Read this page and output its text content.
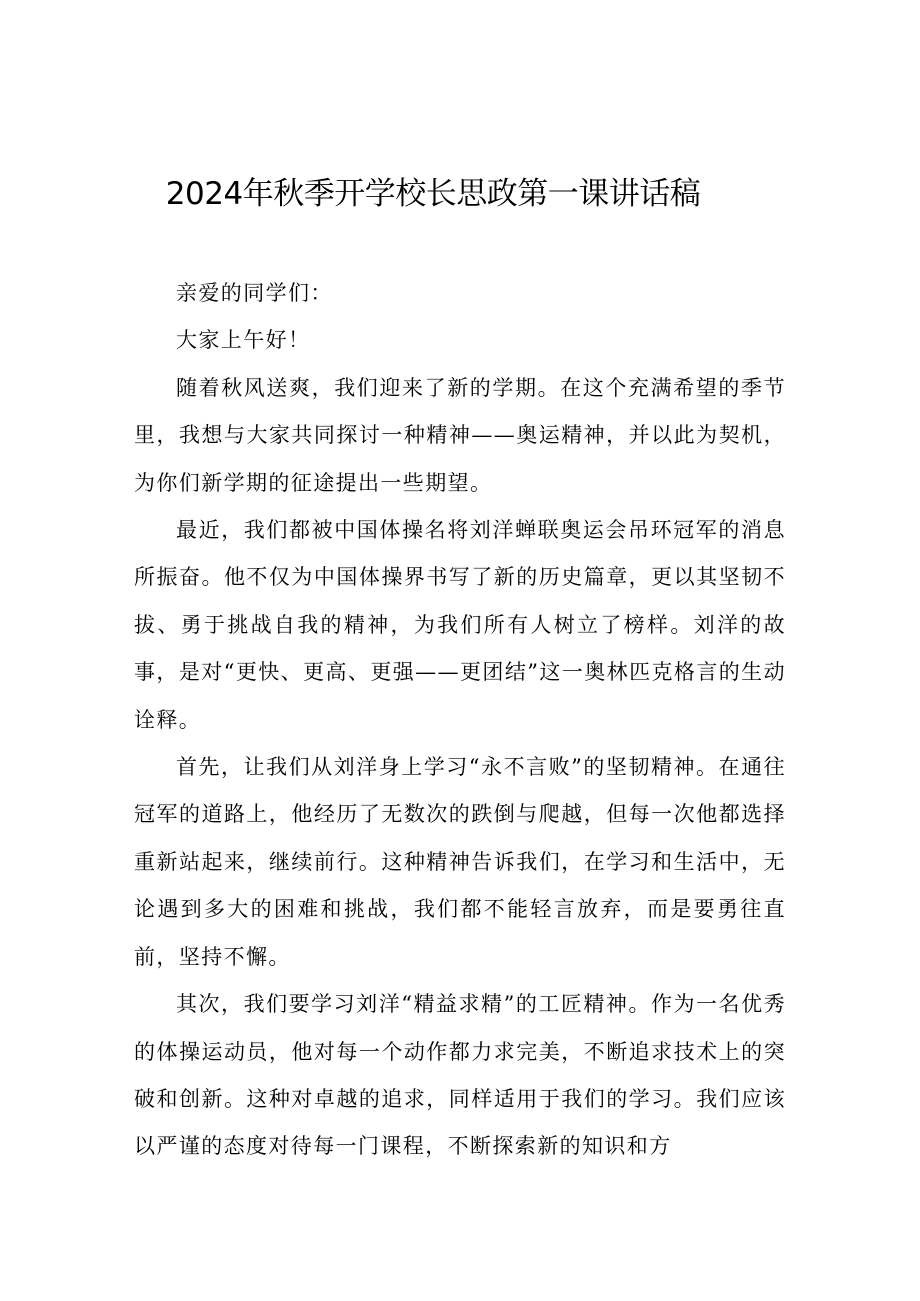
2024年秋季开学校长思政第一课讲话稿

亲爱的同学们：

大家上午好！

随着秋风送爽，我们迎来了新的学期。在这个充满希望的季节里，我想与大家共同探讨一种精神——奥运精神，并以此为契机，为你们新学期的征途提出一些期望。

最近，我们都被中国体操名将刘洋蝉联奥运会吊环冠军的消息所振奋。他不仅为中国体操界书写了新的历史篇章，更以其坚韧不拔、勇于挑战自我的精神，为我们所有人树立了榜样。刘洋的故事，是对“更快、更高、更强——更团结”这一奥林匹克格言的生动诠释。

首先，让我们从刘洋身上学习“永不言败”的坚韧精神。在通往冠军的道路上，他经历了无数次的跌倒与爬越，但每一次他都选择重新站起来，继续前行。这种精神告诉我们，在学习和生活中，无论遇到多大的困难和挑战，我们都不能轻言放弃，而是要勇往直前，坚持不懈。

其次，我们要学习刘洋“精益求精”的工匠精神。作为一名优秀的体操运动员，他对每一个动作都力求完美，不断追求技术上的突破和创新。这种对卓越的追求，同样适用于我们的学习。我们应该以严谨的态度对待每一门课程，不断探索新的知识和方
